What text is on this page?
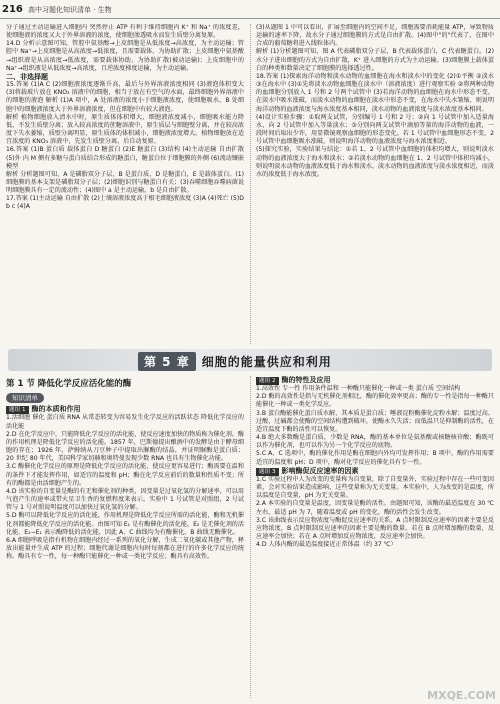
216 高中习题化知识清单 · 生物

分子通过主动运输进入细胞内 突然停止 ATP 有利于维持细胞内 K⁺ 和 Na⁺ 的浓度差，使细胞液的浓度又大于外界溶液的浓度，使细胞渗透吸水而发生质壁分离复原。

14.D 分析示意图可知，管腔中氨基酸→上皮细胞是从低浓度→高浓度，为主动运输；管腔中 Na⁺→上皮细胞是从高浓度→低浓度，且需要载体，为协助扩散；上皮细胞中氨基酸→组织液是从高浓度→低浓度，需要载体协助，为协助扩散(被动运输)；上皮细胞中的 Na⁺→组织液是从低浓度→高浓度，且逆浓度梯度运输，为主动运输。

二、非选择题

15.答案 (1)A C (2)细胞液浓度逐渐升高，最后与外界溶液浓度相同 (3)液泡体积变大 (3)将载玻片放在 KNO₃ 溶液中的细胞，相当于放在有空气的水面，最终细胞外界溶液中的细胞的液泡 解析 (1)A 项中，A 处溶液的浓度小于细胞液浓度，使细胞吸水，B 处细胞中的细胞液浓度大于外界溶液浓度，但在细胞中有较大液泡。

解析 植物细胞放入清水中时，原生质体体积增大，细胞液浓度减小，细胞吸水能力降低，不发生质壁分离；放入较高浓度的蔗糖溶液中，原生质层与细胞壁分离，并在较高浓度下失水萎缩，质壁分离明显，原生质体的体积减小，细胞液浓度增大。植物细胞放在适宜浓度的 KNO₃ 溶液中，先发生质壁分离，后自动复原。

16.答案 (1)B 蛋白质 载体蛋白 D 糖蛋白 (2)E 糖蛋白 (3)结构 (4)主动运输 自由扩散 (5)外 内 M 侧有多糖与蛋白质结合形成的糖蛋白，糖蛋白位于细胞膜的外侧 (6)流动镶嵌模型

解析 分析题图可知，A 是磷脂双分子层，B 是蛋白质，D 是糖蛋白，E 是载体蛋白。(1)细胞膜的基本支架是磷脂双分子层；(2)细胞识别与糖蛋白有关；(3)吞噬细胞吞噬病菌说明细胞膜具有一定的流动性；(4)图中 a 是主动运输，b 是自由扩散。

17.答案 (1)主动运输 自由扩散 (2)土壤溶液浓度高于根毛细胞液浓度 (3)A (4)死亡 (5)D b c (4)A

(3)从题图 1 中可以看出，扩展至细胞内的空间不足，细胞需要消耗能量 ATP，导致物质运输的速率下降，故水分子通过细胞膜的方式是自由扩散。(4)图中"的"代表了，在图中合成的葡萄糖将进入线粒体内。

解析 (1)分析题图可知，图 A 代表磷脂双分子层，B 代表载体蛋白，C 代表糖蛋白。(2)水分子进出细胞的方式为自由扩散，K⁺ 进入细胞的方式为主动运输。(3)细胞膜上载体蛋白的种类和数量决定了细胞膜的选择透过性。

18.答案 (1)探索海洋动物和淡水动物的血细胞在海水和淡水中的变化 (2)①平衡 ②淡水 ③在海水中 (3)①先将淡水动物血细胞在淡水中（溶液浓度）进行观察实验 ②将两种动物的血细胞分别放入 1 号和 2 号两个试管中 (3)若海洋动物的血细胞在海水中形态不变，在淡水中吸水涨破，而淡水动物的血细胞在淡水中形态不变，在海水中失水皱缩，则说明海洋动物的血液浓度与海水浓度基本相同，淡水动物的血液浓度与淡水浓度基本相同。

(4)设计实验步骤：①取两支试管，分别编号 1 号和 2 号；②向 1 号试管中加入适量海水，向 2 号试管中加入等量淡水；③分别向两支试管中滴加等量的海洋动物的血液，一段时间后取出少许，用显微镜观察血细胞的形态变化。若 1 号试管中血细胞形态不变，2 号试管中血细胞吸水涨破，则说明海洋动物的血液浓度与海水浓度相近。

(5)探究实验，实验结果与结论：①若 1、2 号试管中血细胞的体积均增大，则说明淡水动物的血液浓度大于海水和淡水；②若淡水动物的血细胞在 1、2 号试管中体积均减小，则说明淡水动物的血液浓度低于海水和淡水，淡水动物的血液浓度与淡水浓度相近，而淡水的浓度低于海水浓度。

第 5 章 细胞的能量供应和利用
第 1 节 降低化学反应活化能的酶
知识清单

题组 1 酶的本质和作用

1.活细胞 催化 蛋白质 RNA 从常态转变为容易发生化学反应的活跃状态 降低化学反应的活化能

2.D 在化学反应中，只能降低化学反应的活化能，使反应速度加快的物质称为催化剂。酶的作用机理是降低化学反应的活化能。1857 年，巴斯德提出酿酒中的发酵是由于酵母细胞的存在；1926 年，萨姆纳从刀豆种子中提取出脲酶的结晶，并证明脲酶是蛋白质；20 世纪 80 年代，美国科学家切赫和奥特曼发现少数 RNA 也具有生物催化功能。

3.C 酶催化化学反应的原理是降低化学反应的活化能，使反应更容易进行；酶需要在温和的条件下才能发挥作用，如适宜的温度和 pH；酶在化学反应前后的数量和性质不变；所有的酶都是由活细胞产生的。

4.D 该实验的自变量是酶的有无和催化剂的种类，因变量是过氧化氢的分解速率，可以用气泡产生的速率或带火星卫生香的复燃程度来表示。实验中 1 号试管是对照组，2 号试管与 1 号对照说明温度可以加快过氧化氢的分解。

5.D 酶可以降低化学反应的活化能，作用机理是降低化学反应所需的活化能，酶和无机催化剂都能降低化学反应的活化能。由图可知 E₁ 是有酶催化的活化能，E₂ 是无催化剂的活化能，E₂−E₁ 表示酶降低的活化能，因此 A、C 曲线均为有酶催化，B 曲线无酶催化。

6.A 细胞呼吸是指有机物在细胞内经过一系列的氧化分解，生成二氧化碳或其他产物，释放出能量并生成 ATP 的过程；细胞代谢是细胞内每时每刻都在进行的许多化学反应的统称。酶具有专一性，每一种酶只能催化一种或一类化学反应；酶具有高效性。

题组 2 酶的特性及应用

1.高效性 专一性 作用条件温和 一种酶只能催化一种或一类 蛋白质 空间结构

2.D 酶的高效性是指与无机催化剂相比，酶的催化效率更高；酶的专一性是指每一种酶只能催化一种或一类化学反应。

3.B 蛋白酶能催化蛋白质水解，其本质是蛋白质；唾液淀粉酶催化淀粉水解；温度过高、过酸、过碱都会使酶的空间结构遭到破坏，使酶永久失活；而低温只是抑制酶的活性，在适宜温度下酶的活性可以恢复。

4.B 绝大多数酶是蛋白质，少数是 RNA，酶的基本单位是氨基酸或核糖核苷酸；酶既可以作为催化剂，也可以作为另一个化学反应的底物。

5.C A、C 选项中，酶的催化作用是酶在细胞内外均可发挥作用；B 项中，酶的作用需要适宜的温度和 pH；D 项中，酶对化学反应的催化具有专一性。

题组 3 影响酶促反应速率的因素

1.C 实验过程中人为改变的变量称为自变量，除了自变量外，实验过程中存在一些可变因素，会对实验结果造成影响，这些变量称为无关变量。本实验中，人为改变的是温度，所以温度是自变量，pH 为无关变量。

2.A 本实验的自变量是温度，因变量是酶的活性。由题图可知，该酶的最适温度在 30 ℃左右，最适 pH 为 7，随着温度或 pH 的变化，酶的活性会发生改变。

3.C 该曲线表示反应物浓度与酶促反应速率的关系，A 点时限制反应速率的因素主要是反应物浓度，B 点时限制反应速率的因素主要是酶的数量。若在 B 点时增加酶的数量，反应速率会加快；若在 A 点时增加反应物浓度，反应速率会加快。

4.D 人体内酶的最适温度接近正常体温（约 37 ℃）

MXQE.COM
